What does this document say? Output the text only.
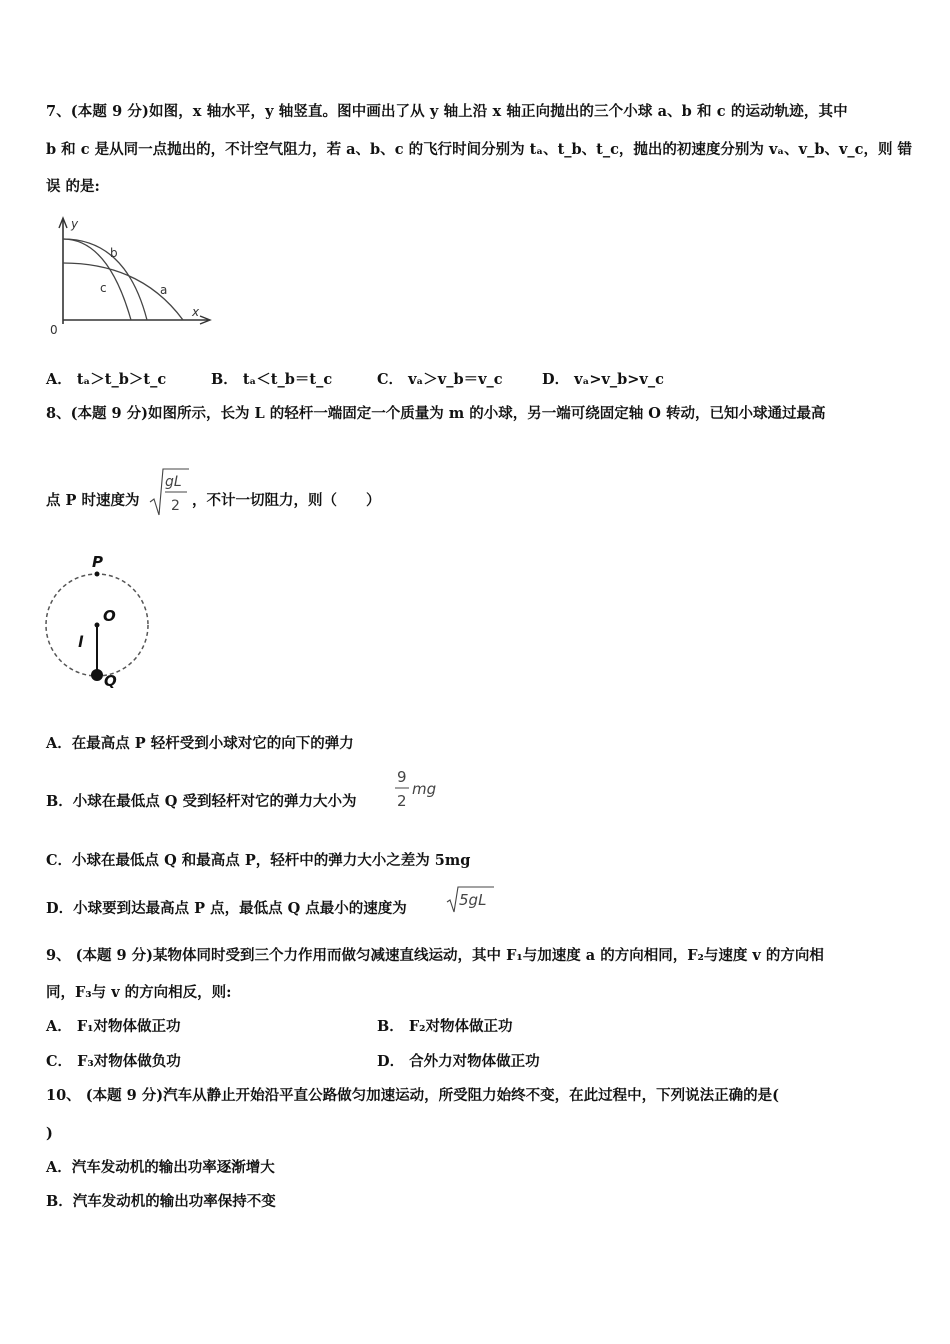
7、(本题 9 分)如图，x 轴水平，y 轴竖直。图中画出了从 y 轴上沿 x 轴正向抛出的三个小球 a、b 和 c 的运动轨迹，其中
b 和 c 是从同一点抛出的，不计空气阻力，若 a、b、c 的飞行时间分别为 tₐ、t_b、t_c，抛出的初速度分别为 vₐ、v_b、v_c，则 错
误 的是:
y
b
c	a
x
0
A． tₐ＞t_b＞t_c	B． tₐ＜t_b＝t_c	C． vₐ＞v_b＝v_c	D． vₐ>v_b>v_c
8、(本题 9 分)如图所示，长为 L 的轻杆一端固定一个质量为 m 的小球，另一端可绕固定轴 O 转动，已知小球通过最高
点 P 时速度为
gL
2 ，不计一切阻力，则（　　）
P
O
l
Q
A．在最高点 P 轻杆受到小球对它的向下的弹力
B．小球在最低点 Q 受到轻杆对它的弹力大小为
9
2
mg
C．小球在最低点 Q 和最高点 P，轻杆中的弹力大小之差为 5mg
D．小球要到达最高点 P 点，最低点 Q 点最小的速度为	5gL
9、 (本题 9 分)某物体同时受到三个力作用而做匀减速直线运动，其中 F₁与加速度 a 的方向相同，F₂与速度 v 的方向相
同，F₃与 v 的方向相反，则:
A． F₁对物体做正功	B． F₂对物体做正功
C． F₃对物体做负功	D． 合外力对物体做正功
10、 (本题 9 分)汽车从静止开始沿平直公路做匀加速运动，所受阻力始终不变，在此过程中，下列说法正确的是(
)
A．汽车发动机的输出功率逐渐增大
B．汽车发动机的输出功率保持不变
